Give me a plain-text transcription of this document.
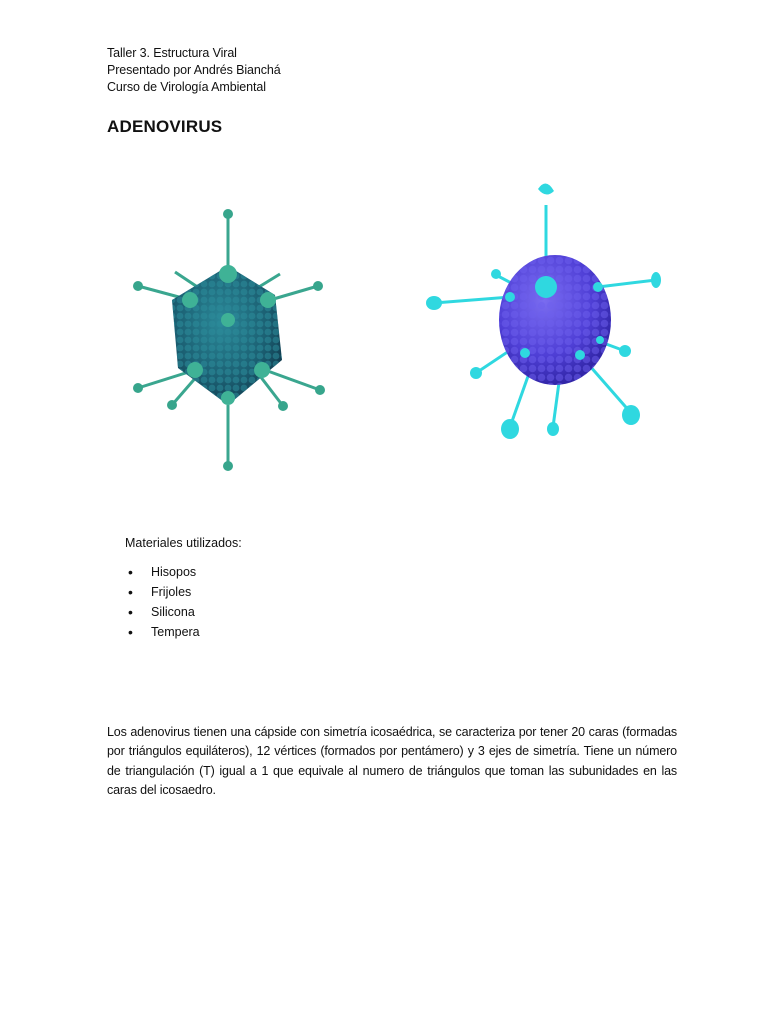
Taller 3. Estructura Viral
Presentado por Andrés Bianchá
Curso de Virología Ambiental
ADENOVIRUS
Materiales utilizados:
• Hisopos
• Frijoles
• Silicona
• Tempera

Los adenovirus tienen una cápside con simetría icosaédrica, se caracteriza por tener 20 caras (formadas por triángulos equiláteros), 12 vértices (formados por pentámero) y 3 ejes de simetría. Tiene un número de triangulación (T) igual a 1 que equivale al numero de triángulos que toman las subunidades en las caras del icosaedro.
